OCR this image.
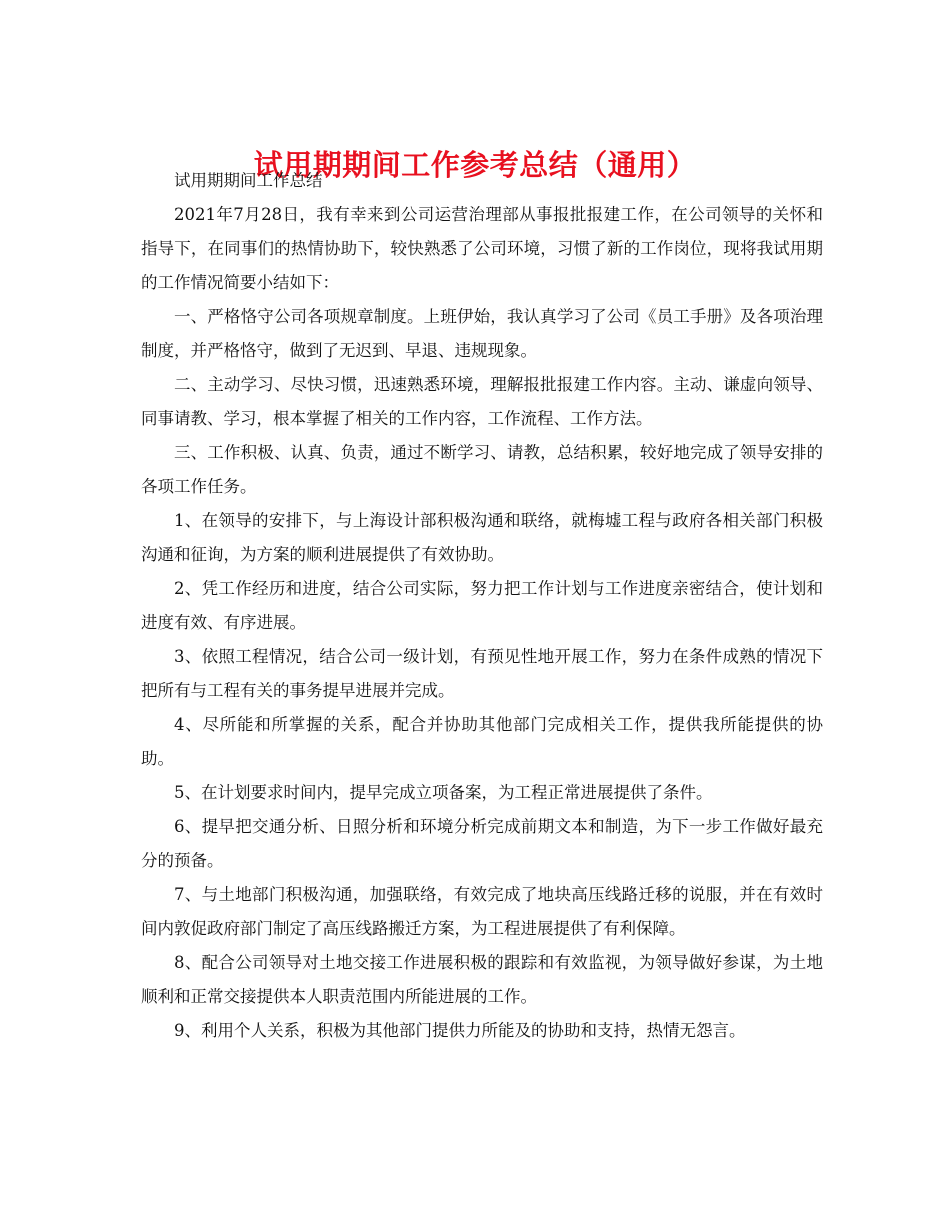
试用期期间工作参考总结（通用）

试用期期间工作总结

2021年7月28日，我有幸来到公司运营治理部从事报批报建工作，在公司领导的关怀和指导下，在同事们的热情协助下，较快熟悉了公司环境，习惯了新的工作岗位，现将我试用期的工作情况简要小结如下：

一、严格恪守公司各项规章制度。上班伊始，我认真学习了公司《员工手册》及各项治理制度，并严格恪守，做到了无迟到、早退、违规现象。

二、主动学习、尽快习惯，迅速熟悉环境，理解报批报建工作内容。主动、谦虚向领导、同事请教、学习，根本掌握了相关的工作内容，工作流程、工作方法。

三、工作积极、认真、负责，通过不断学习、请教，总结积累，较好地完成了领导安排的各项工作任务。

1、在领导的安排下，与上海设计部积极沟通和联络，就梅墟工程与政府各相关部门积极沟通和征询，为方案的顺利进展提供了有效协助。

2、凭工作经历和进度，结合公司实际，努力把工作计划与工作进度亲密结合，使计划和进度有效、有序进展。

3、依照工程情况，结合公司一级计划，有预见性地开展工作，努力在条件成熟的情况下把所有与工程有关的事务提早进展并完成。

4、尽所能和所掌握的关系，配合并协助其他部门完成相关工作，提供我所能提供的协助。

5、在计划要求时间内，提早完成立项备案，为工程正常进展提供了条件。

6、提早把交通分析、日照分析和环境分析完成前期文本和制造，为下一步工作做好最充分的预备。

7、与土地部门积极沟通，加强联络，有效完成了地块高压线路迁移的说服，并在有效时间内敦促政府部门制定了高压线路搬迁方案，为工程进展提供了有利保障。

8、配合公司领导对土地交接工作进展积极的跟踪和有效监视，为领导做好参谋，为土地顺利和正常交接提供本人职责范围内所能进展的工作。

9、利用个人关系，积极为其他部门提供力所能及的协助和支持，热情无怨言。
